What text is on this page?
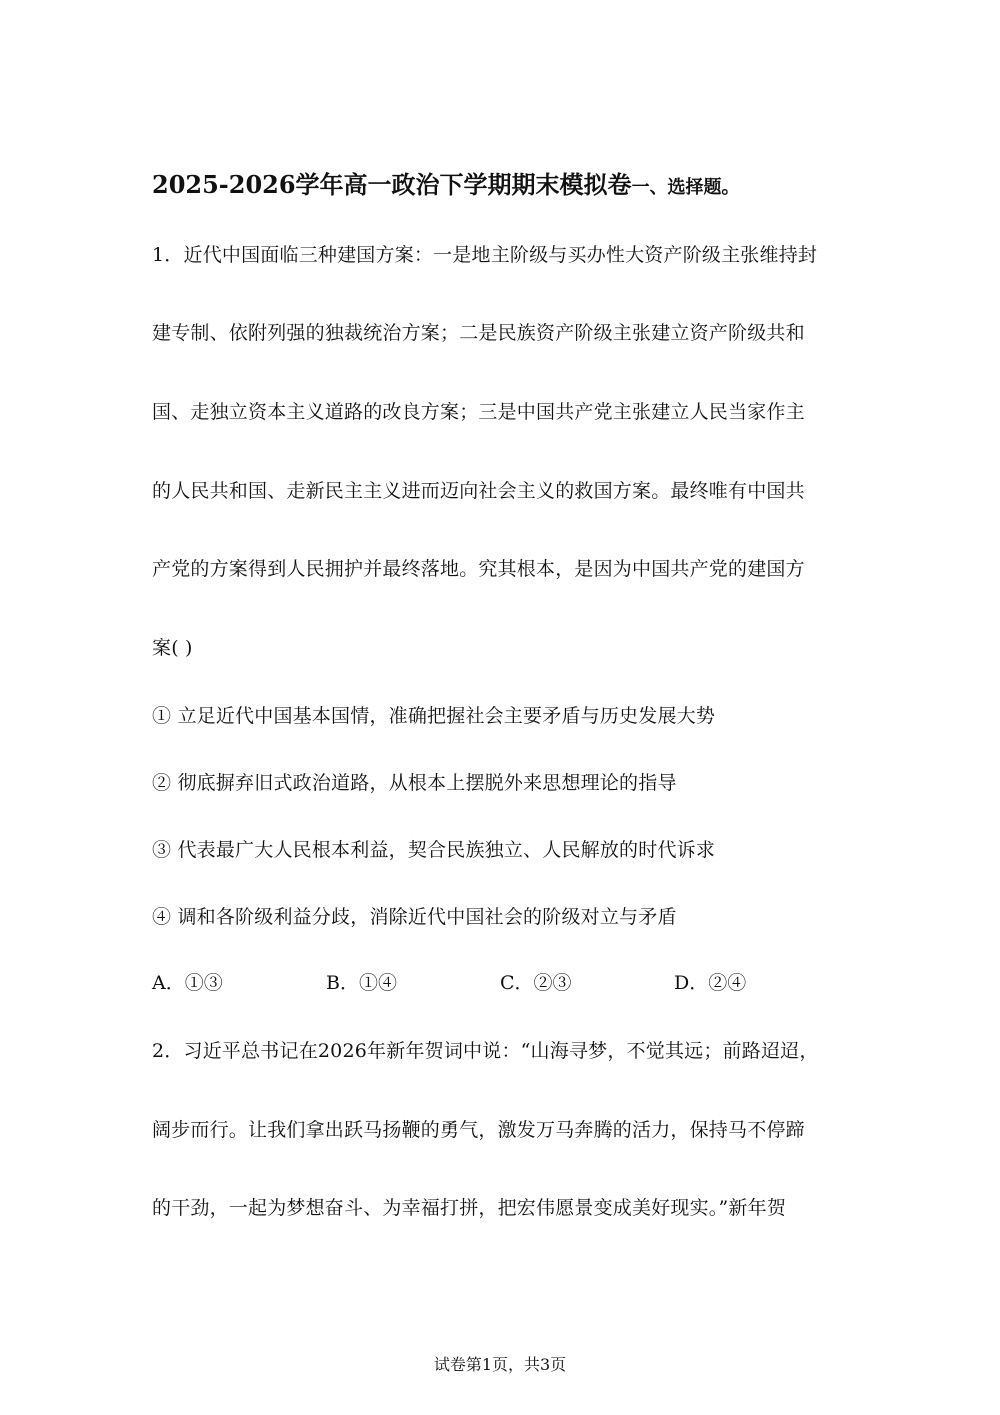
2025-2026学年高一政治下学期期末模拟卷一、选择题。
1．近代中国面临三种建国方案：一是地主阶级与买办性大资产阶级主张维持封
建专制、依附列强的独裁统治方案；二是民族资产阶级主张建立资产阶级共和
国、走独立资本主义道路的改良方案；三是中国共产党主张建立人民当家作主
的人民共和国、走新民主主义进而迈向社会主义的救国方案。最终唯有中国共
产党的方案得到人民拥护并最终落地。究其根本，是因为中国共产党的建国方
案( )
① 立足近代中国基本国情，准确把握社会主要矛盾与历史发展大势
② 彻底摒弃旧式政治道路，从根本上摆脱外来思想理论的指导
③ 代表最广大人民根本利益，契合民族独立、人民解放的时代诉求
④ 调和各阶级利益分歧，消除近代中国社会的阶级对立与矛盾
A．①③	B．①④	C．②③	D．②④
2．习近平总书记在2026年新年贺词中说：“山海寻梦，不觉其远；前路迢迢，
阔步而行。让我们拿出跃马扬鞭的勇气，激发万马奔腾的活力，保持马不停蹄
的干劲，一起为梦想奋斗、为幸福打拼，把宏伟愿景变成美好现实。”新年贺
试卷第1页，共3页
